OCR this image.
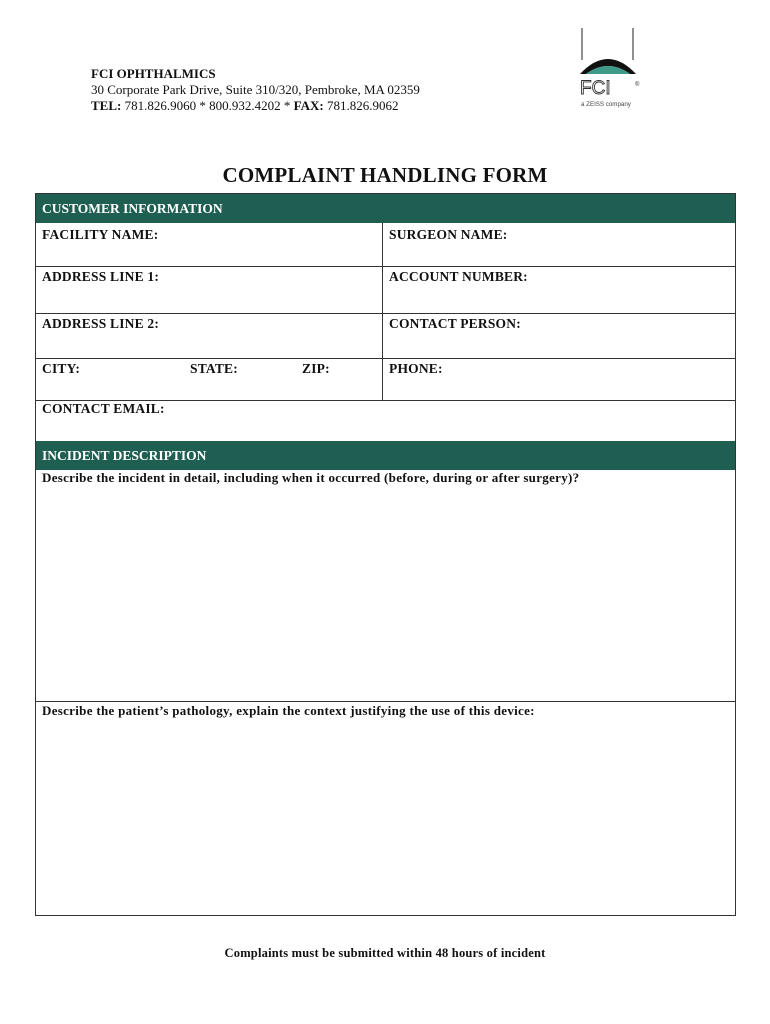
FCI OPHTHALMICS
30 Corporate Park Drive, Suite 310/320, Pembroke, MA 02359
TEL: 781.826.9060 * 800.932.4202 * FAX: 781.826.9062
FCI	®
a ZEISS company
COMPLAINT HANDLING FORM
CUSTOMER INFORMATION
FACILITY NAME:	SURGEON NAME:
ADDRESS LINE 1:	ACCOUNT NUMBER:
ADDRESS LINE 2:	CONTACT PERSON:
CITY:	STATE:	ZIP:	PHONE:
CONTACT EMAIL:
INCIDENT DESCRIPTION
Describe the incident in detail, including when it occurred (before, during or after surgery)?
Describe the patient’s pathology, explain the context justifying the use of this device:
Complaints must be submitted within 48 hours of incident
